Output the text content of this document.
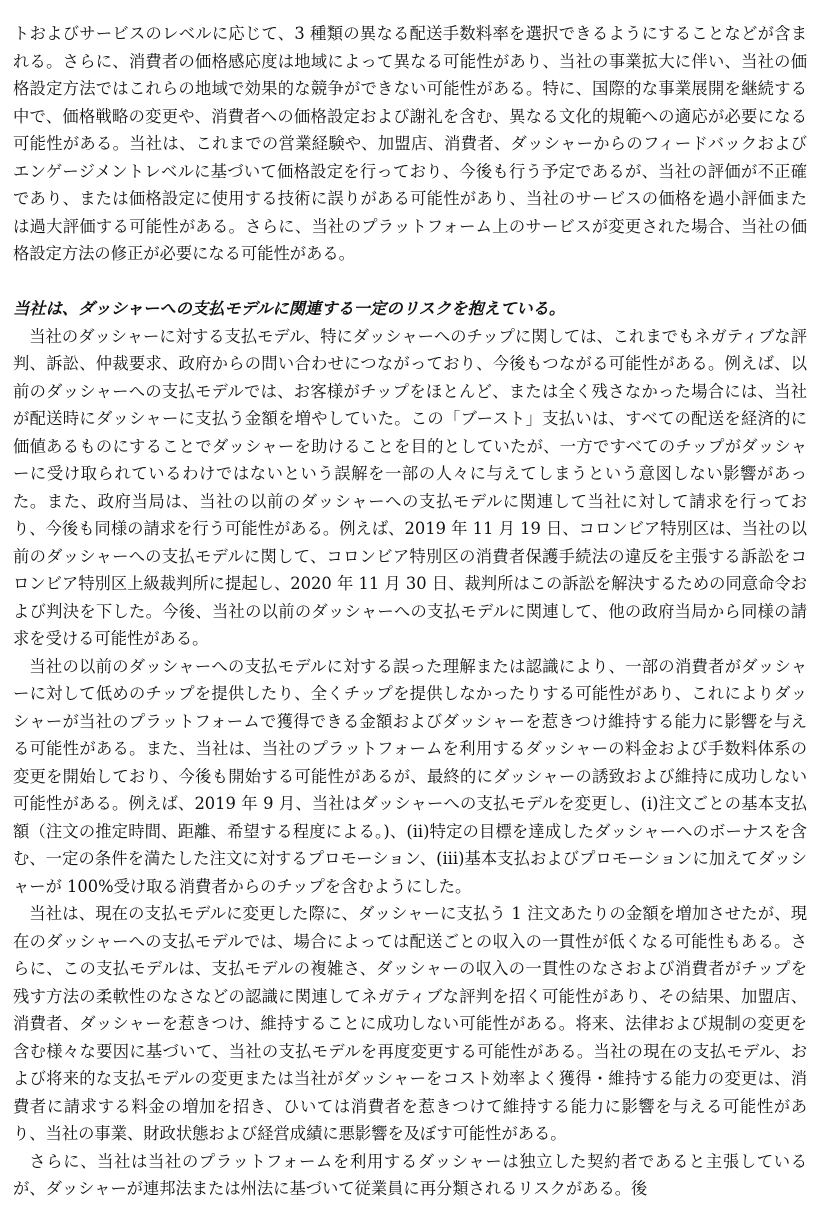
トおよびサービスのレベルに応じて、3 種類の異なる配送手数料率を選択できるようにすることなどが含まれる。さらに、消費者の価格感応度は地域によって異なる可能性があり、当社の事業拡大に伴い、当社の価格設定方法ではこれらの地域で効果的な競争ができない可能性がある。特に、国際的な事業展開を継続する中で、価格戦略の変更や、消費者への価格設定および謝礼を含む、異なる文化的規範への適応が必要になる可能性がある。当社は、これまでの営業経験や、加盟店、消費者、ダッシャーからのフィードバックおよびエンゲージメントレベルに基づいて価格設定を行っており、今後も行う予定であるが、当社の評価が不正確であり、または価格設定に使用する技術に誤りがある可能性があり、当社のサービスの価格を過小評価または過大評価する可能性がある。さらに、当社のプラットフォーム上のサービスが変更された場合、当社の価格設定方法の修正が必要になる可能性がある。

当社は、ダッシャーへの支払モデルに関連する一定のリスクを抱えている。

当社のダッシャーに対する支払モデル、特にダッシャーへのチップに関しては、これまでもネガティブな評判、訴訟、仲裁要求、政府からの問い合わせにつながっており、今後もつながる可能性がある。例えば、以前のダッシャーへの支払モデルでは、お客様がチップをほとんど、または全く残さなかった場合には、当社が配送時にダッシャーに支払う金額を増やしていた。この「ブースト」支払いは、すべての配送を経済的に価値あるものにすることでダッシャーを助けることを目的としていたが、一方ですべてのチップがダッシャーに受け取られているわけではないという誤解を一部の人々に与えてしまうという意図しない影響があった。また、政府当局は、当社の以前のダッシャーへの支払モデルに関連して当社に対して請求を行っており、今後も同様の請求を行う可能性がある。例えば、2019 年 11 月 19 日、コロンビア特別区は、当社の以前のダッシャーへの支払モデルに関して、コロンビア特別区の消費者保護手続法の違反を主張する訴訟をコロンビア特別区上級裁判所に提起し、2020 年 11 月 30 日、裁判所はこの訴訟を解決するための同意命令および判決を下した。今後、当社の以前のダッシャーへの支払モデルに関連して、他の政府当局から同様の請求を受ける可能性がある。

当社の以前のダッシャーへの支払モデルに対する誤った理解または認識により、一部の消費者がダッシャーに対して低めのチップを提供したり、全くチップを提供しなかったりする可能性があり、これによりダッシャーが当社のプラットフォームで獲得できる金額およびダッシャーを惹きつけ維持する能力に影響を与える可能性がある。また、当社は、当社のプラットフォームを利用するダッシャーの料金および手数料体系の変更を開始しており、今後も開始する可能性があるが、最終的にダッシャーの誘致および維持に成功しない可能性がある。例えば、2019 年 9 月、当社はダッシャーへの支払モデルを変更し、(i)注文ごとの基本支払額（注文の推定時間、距離、希望する程度による。)、(ii)特定の目標を達成したダッシャーへのボーナスを含む、一定の条件を満たした注文に対するプロモーション、(iii)基本支払およびプロモーションに加えてダッシャーが 100%受け取る消費者からのチップを含むようにした。

当社は、現在の支払モデルに変更した際に、ダッシャーに支払う 1 注文あたりの金額を増加させたが、現在のダッシャーへの支払モデルでは、場合によっては配送ごとの収入の一貫性が低くなる可能性もある。さらに、この支払モデルは、支払モデルの複雑さ、ダッシャーの収入の一貫性のなさおよび消費者がチップを残す方法の柔軟性のなさなどの認識に関連してネガティブな評判を招く可能性があり、その結果、加盟店、消費者、ダッシャーを惹きつけ、維持することに成功しない可能性がある。将来、法律および規制の変更を含む様々な要因に基づいて、当社の支払モデルを再度変更する可能性がある。当社の現在の支払モデル、および将来的な支払モデルの変更または当社がダッシャーをコスト効率よく獲得・維持する能力の変更は、消費者に請求する料金の増加を招き、ひいては消費者を惹きつけて維持する能力に影響を与える可能性があり、当社の事業、財政状態および経営成績に悪影響を及ぼす可能性がある。

さらに、当社は当社のプラットフォームを利用するダッシャーは独立した契約者であると主張しているが、ダッシャーが連邦法または州法に基づいて従業員に再分類されるリスクがある。後
